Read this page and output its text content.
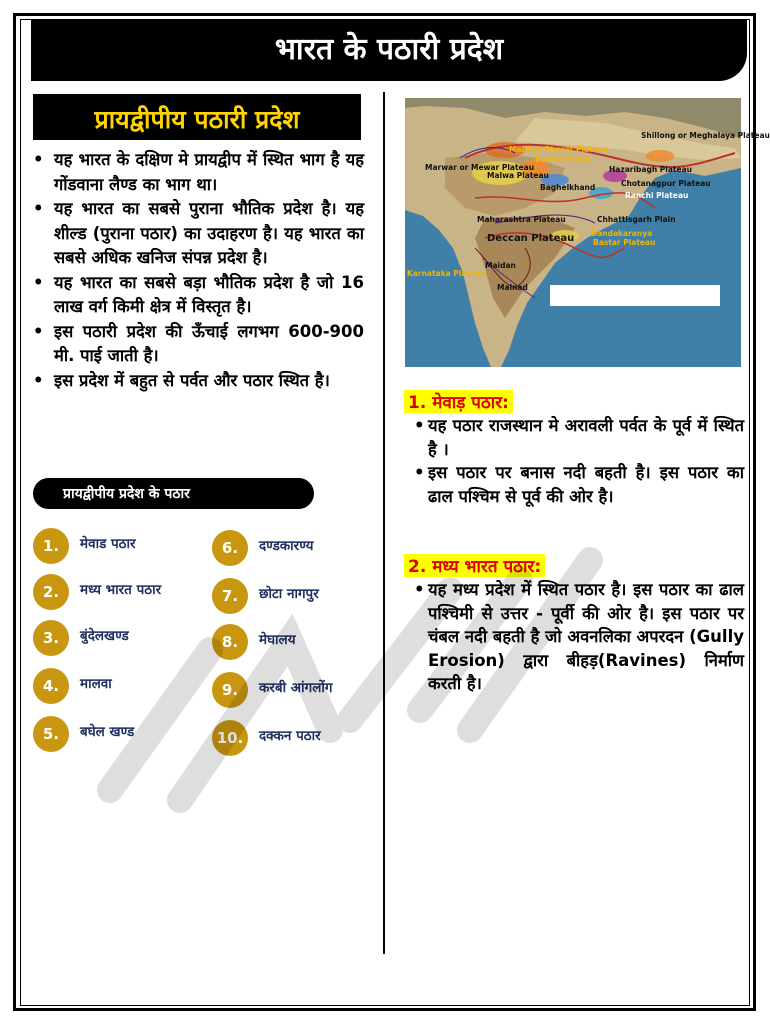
भारत के पठारी प्रदेश
प्रायद्वीपीय पठारी प्रदेश
• यह भारत के दक्षिण मे प्रायद्वीप में स्थित भाग है यह गोंडवाना लैण्ड का भाग था।
• यह भारत का सबसे पुराना भौतिक प्रदेश है। यह शील्ड (पुराना पठार) का उदाहरण है। यह भारत का सबसे अधिक खनिज संपन्न प्रदेश है।
• यह भारत का सबसे बड़ा भौतिक प्रदेश है जो 16 लाख वर्ग किमी क्षेत्र में विस्तृत है।
• इस पठारी प्रदेश की ऊँचाई लगभग 600-900 मी. पाई जाती है।
• इस प्रदेश में बहुत से पर्वत और पठार स्थित है।
प्रायद्वीपीय प्रदेश के पठार
1.	मेवाड पठार
2.	मध्य भारत पठार
3.	बुंदेलखण्ड
4.	मालवा
5.	बघेल खण्ड
6.	दण्डकारण्य
7.	छोटा नागपुर
8.	मेघालय
9.	करबी आंगलोंग
10.	दक्कन पठार
Shillong or Meghalaya Plateau
Marwar or Mewar Plateau
Malwa Plateau
Bundelkhand
Madhya Bharat Plateau
Hazaribagh Plateau
Baghelkhand	Chotanagpur Plateau
Ranchi Plateau
Maharashtra Plateau	Chhattisgarh Plain
Dandakaranya
Bastar Plateau
Deccan Plateau
Karnataka Plateau
Maidan
Malnad
1. मेवाड़ पठार:
• यह पठार राजस्थान मे अरावली पर्वत के पूर्व में स्थित है ।
• इस पठार पर बनास नदी बहती है। इस पठार का ढाल पश्चिम से पूर्व की ओर है।
2. मध्य भारत पठार:
• यह मध्य प्रदेश में स्थित पठार है। इस पठार का ढाल पश्चिमी से उत्तर - पूर्वी की ओर है। इस पठार पर चंबल नदी बहती है जो अवनलिका अपरदन (Gully Erosion) द्वारा बीहड़(Ravines) निर्माण करती है।
